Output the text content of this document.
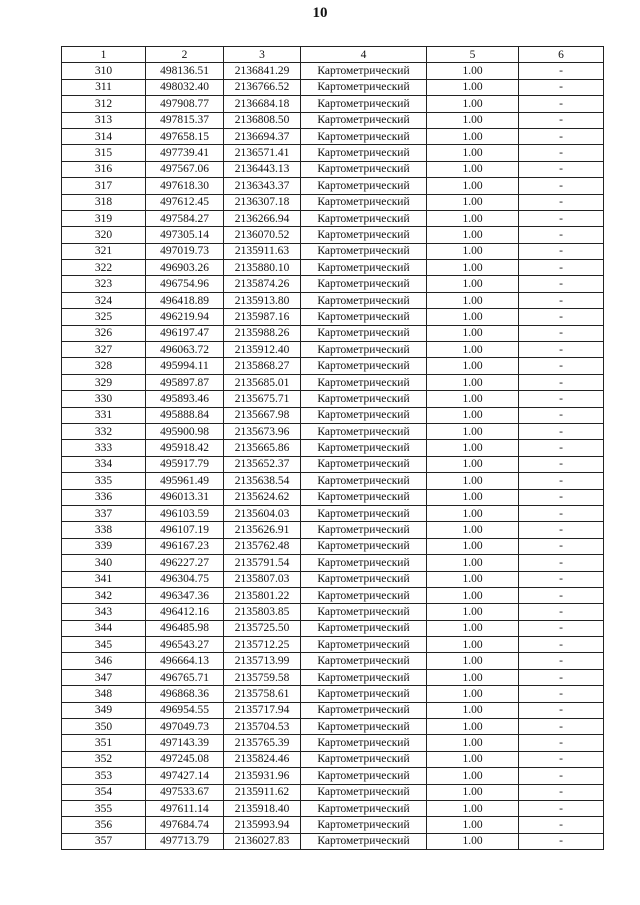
10
1	2	3	4	5	6
310	498136.51	2136841.29	Картометрический	1.00	-
311	498032.40	2136766.52	Картометрический	1.00	-
312	497908.77	2136684.18	Картометрический	1.00	-
313	497815.37	2136808.50	Картометрический	1.00	-
314	497658.15	2136694.37	Картометрический	1.00	-
315	497739.41	2136571.41	Картометрический	1.00	-
316	497567.06	2136443.13	Картометрический	1.00	-
317	497618.30	2136343.37	Картометрический	1.00	-
318	497612.45	2136307.18	Картометрический	1.00	-
319	497584.27	2136266.94	Картометрический	1.00	-
320	497305.14	2136070.52	Картометрический	1.00	-
321	497019.73	2135911.63	Картометрический	1.00	-
322	496903.26	2135880.10	Картометрический	1.00	-
323	496754.96	2135874.26	Картометрический	1.00	-
324	496418.89	2135913.80	Картометрический	1.00	-
325	496219.94	2135987.16	Картометрический	1.00	-
326	496197.47	2135988.26	Картометрический	1.00	-
327	496063.72	2135912.40	Картометрический	1.00	-
328	495994.11	2135868.27	Картометрический	1.00	-
329	495897.87	2135685.01	Картометрический	1.00	-
330	495893.46	2135675.71	Картометрический	1.00	-
331	495888.84	2135667.98	Картометрический	1.00	-
332	495900.98	2135673.96	Картометрический	1.00	-
333	495918.42	2135665.86	Картометрический	1.00	-
334	495917.79	2135652.37	Картометрический	1.00	-
335	495961.49	2135638.54	Картометрический	1.00	-
336	496013.31	2135624.62	Картометрический	1.00	-
337	496103.59	2135604.03	Картометрический	1.00	-
338	496107.19	2135626.91	Картометрический	1.00	-
339	496167.23	2135762.48	Картометрический	1.00	-
340	496227.27	2135791.54	Картометрический	1.00	-
341	496304.75	2135807.03	Картометрический	1.00	-
342	496347.36	2135801.22	Картометрический	1.00	-
343	496412.16	2135803.85	Картометрический	1.00	-
344	496485.98	2135725.50	Картометрический	1.00	-
345	496543.27	2135712.25	Картометрический	1.00	-
346	496664.13	2135713.99	Картометрический	1.00	-
347	496765.71	2135759.58	Картометрический	1.00	-
348	496868.36	2135758.61	Картометрический	1.00	-
349	496954.55	2135717.94	Картометрический	1.00	-
350	497049.73	2135704.53	Картометрический	1.00	-
351	497143.39	2135765.39	Картометрический	1.00	-
352	497245.08	2135824.46	Картометрический	1.00	-
353	497427.14	2135931.96	Картометрический	1.00	-
354	497533.67	2135911.62	Картометрический	1.00	-
355	497611.14	2135918.40	Картометрический	1.00	-
356	497684.74	2135993.94	Картометрический	1.00	-
357	497713.79	2136027.83	Картометрический	1.00	-
